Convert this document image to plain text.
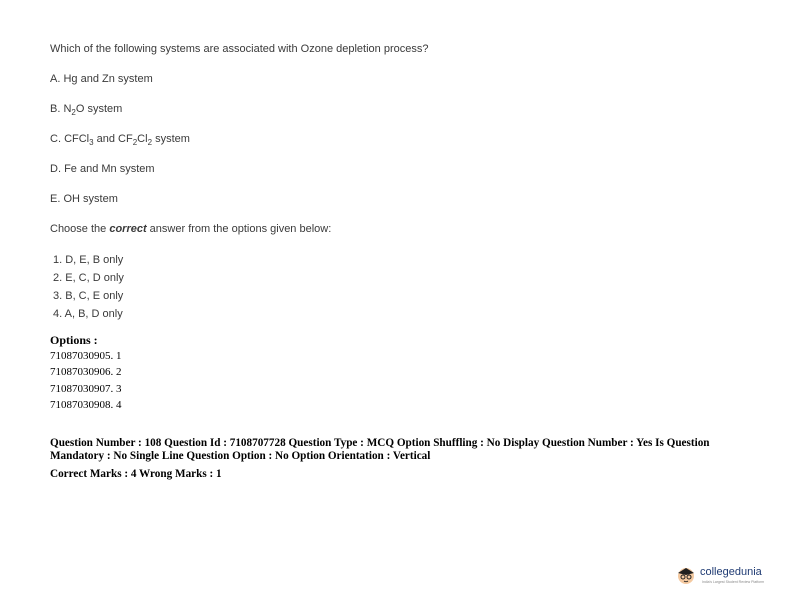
Which of the following systems are associated with Ozone depletion process?
A. Hg and Zn system
B. $N_2O$ system
C. CFCl$_3$ and $CF_2Cl_2$ system
D. Fe and Mn system
E. OH system
Choose the correct answer from the options given below:
1. D, E, B only
2. E, C, D only
3. B, C, E only
4. A, B, D only
Options :
71087030905. 1
71087030906. 2
71087030907. 3
71087030908. 4
Question Number : 108 Question Id : 7108707728 Question Type : MCQ Option Shuffling : No Display Question Number : Yes Is Question Mandatory : No Single Line Question Option : No Option Orientation : Vertical
Correct Marks : 4 Wrong Marks : 1
collegedunia
India's Largest Student Review Platform
